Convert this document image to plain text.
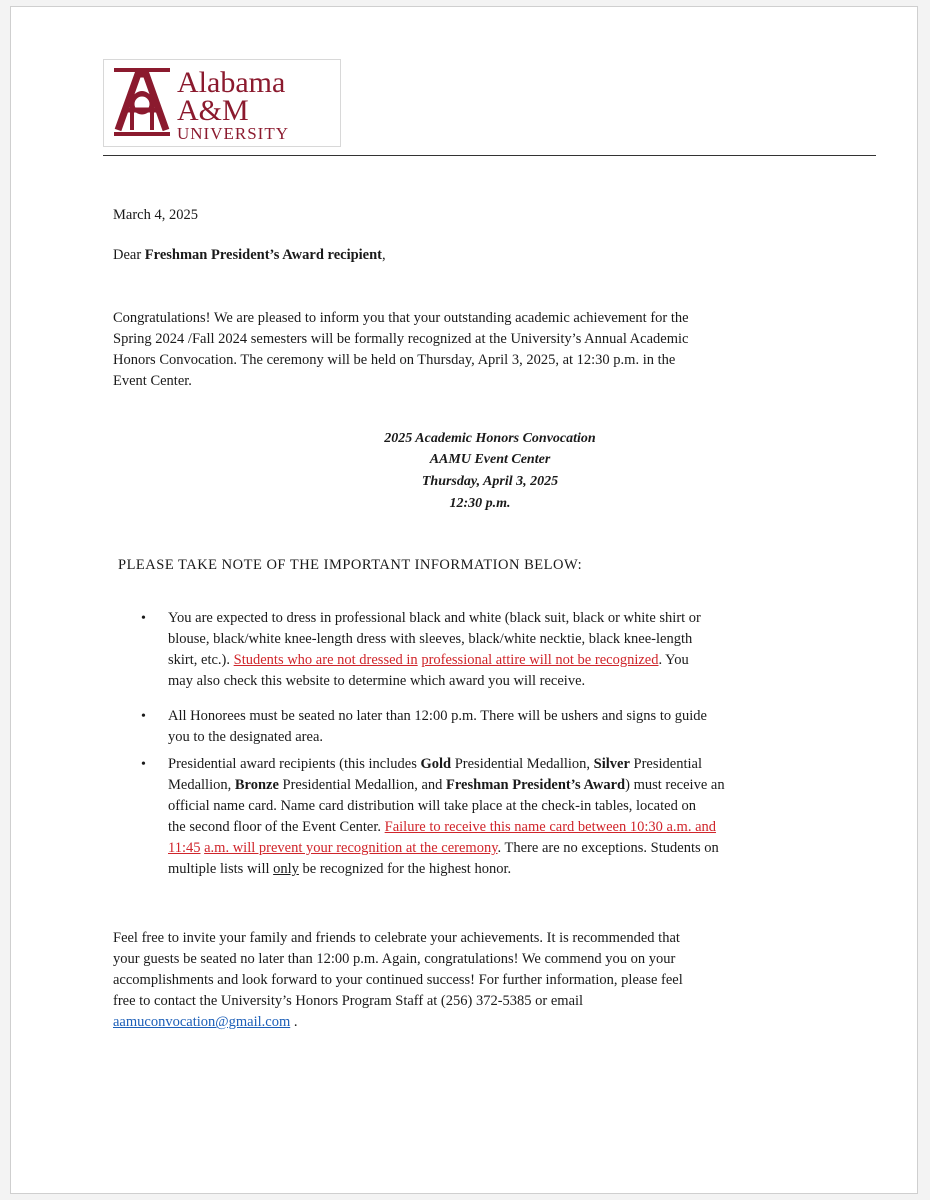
Alabama
A&M
UNIVERSITY
March 4, 2025
Dear Freshman President’s Award recipient,
Congratulations! We are pleased to inform you that your outstanding academic achievement for the
Spring 2024 /Fall 2024 semesters will be formally recognized at the University’s Annual Academic
Honors Convocation. The ceremony will be held on Thursday, April 3, 2025, at 12:30 p.m. in the
Event Center.
2025 Academic Honors Convocation
AAMU Event Center
Thursday, April 3, 2025
12:30 p.m.
PLEASE TAKE NOTE OF THE IMPORTANT INFORMATION BELOW:
• You are expected to dress in professional black and white (black suit, black or white shirt or
blouse, black/white knee-length dress with sleeves, black/white necktie, black knee-length
skirt, etc.). Students who are not dressed in professional attire will not be recognized. You
may also check this website to determine which award you will receive.
• All Honorees must be seated no later than 12:00 p.m. There will be ushers and signs to guide
you to the designated area.
• Presidential award recipients (this includes Gold Presidential Medallion, Silver Presidential
Medallion, Bronze Presidential Medallion, and Freshman President’s Award) must receive an
official name card. Name card distribution will take place at the check-in tables, located on
the second floor of the Event Center. Failure to receive this name card between 10:30 a.m. and
11:45 a.m. will prevent your recognition at the ceremony. There are no exceptions. Students on
multiple lists will only be recognized for the highest honor.
Feel free to invite your family and friends to celebrate your achievements. It is recommended that
your guests be seated no later than 12:00 p.m. Again, congratulations! We commend you on your
accomplishments and look forward to your continued success! For further information, please feel
free to contact the University’s Honors Program Staff at (256) 372-5385 or email
aamuconvocation@gmail.com .
